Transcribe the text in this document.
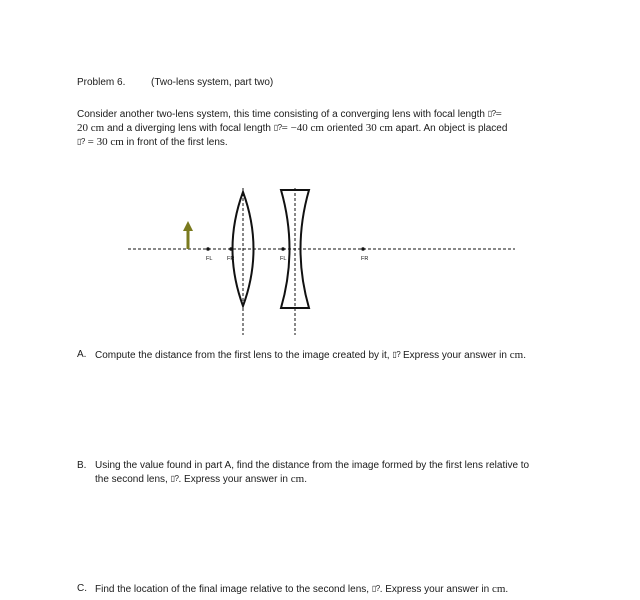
Problem 6.	(Two-lens system, part two)

Consider another two-lens system, this time consisting of a converging lens with focal length ▯?=

20 cm and a diverging lens with focal length ▯?= −40 cm oriented 30 cm apart. An object is placed

▯? = 30 cm in front of the first lens.

FL	FR	FL	FR
A. Compute the distance from the first lens to the image created by it, ▯? Express your answer in cm.
B. Using the value found in part A, find the distance from the image formed by the first lens relative to
the second lens, ▯?. Express your answer in cm.
C. Find the location of the final image relative to the second lens, ▯?. Express your answer in cm.
